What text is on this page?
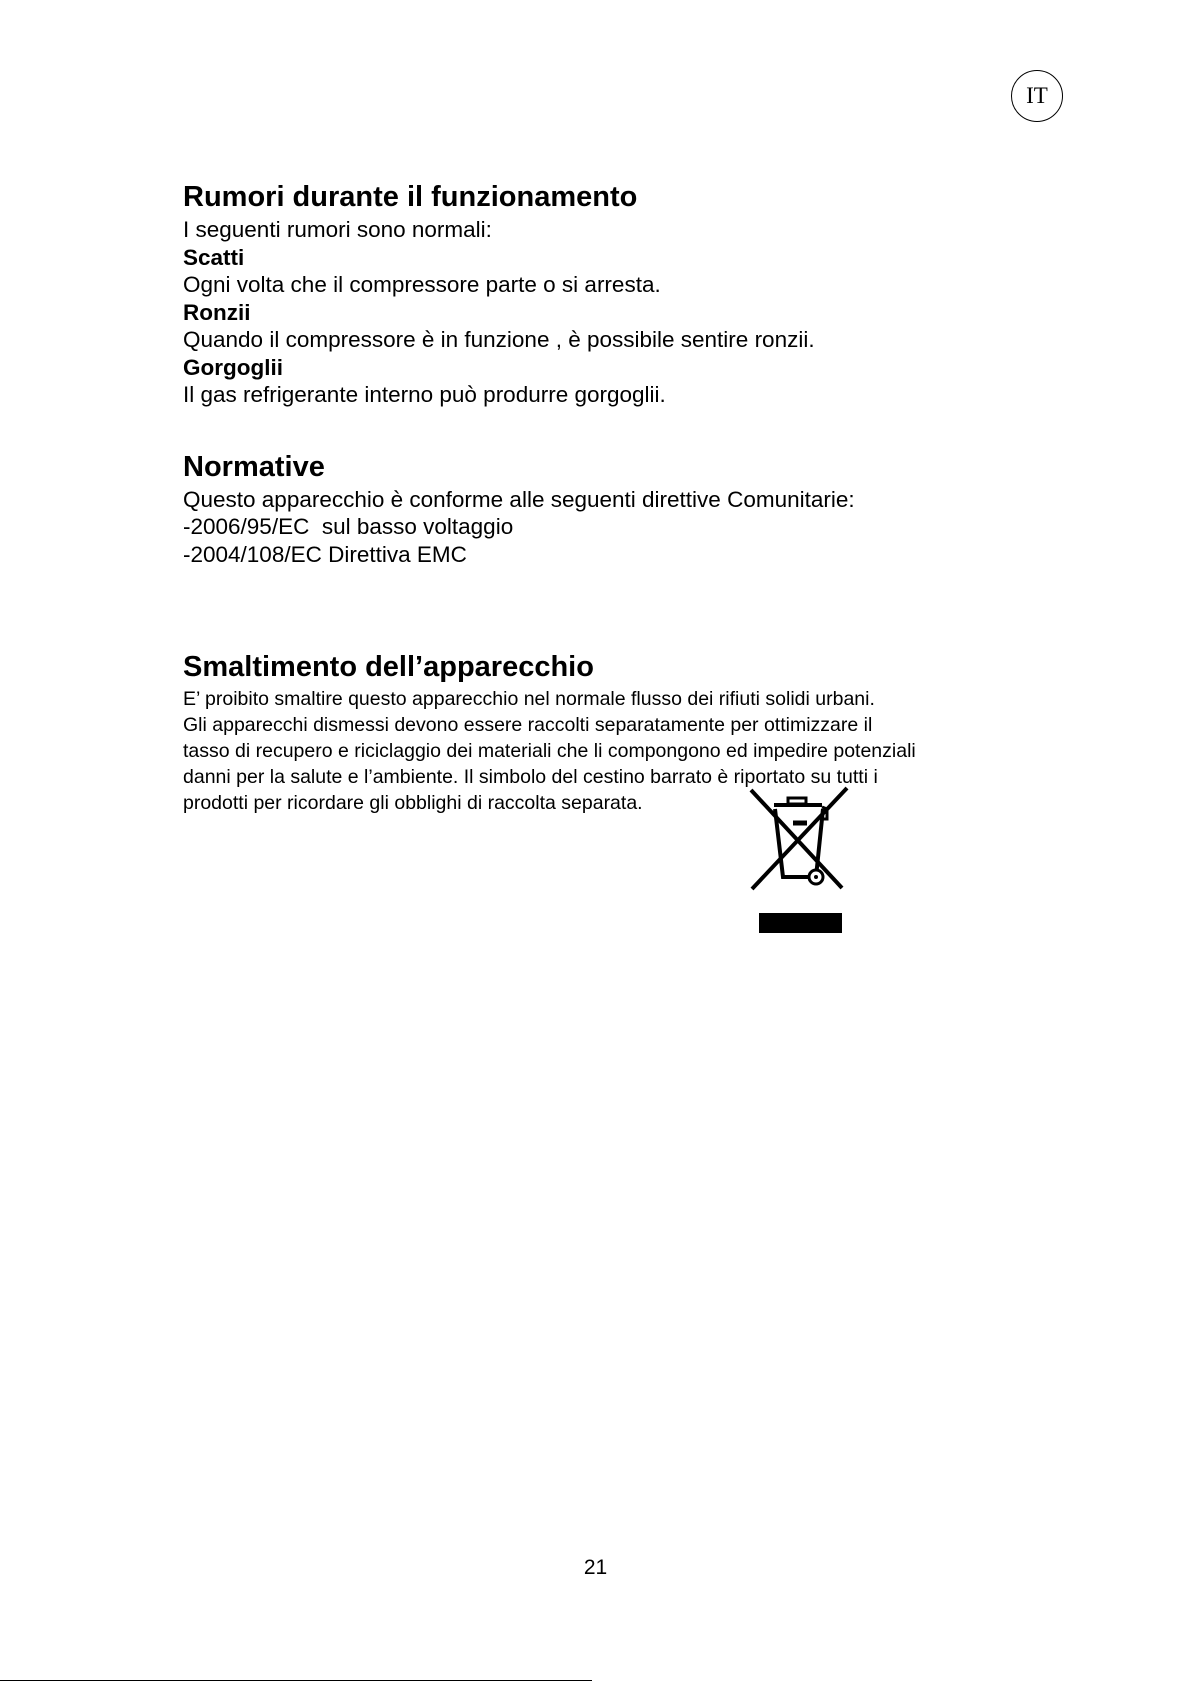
IT
Rumori durante il funzionamento
I seguenti rumori sono normali:
Scatti
Ogni volta che il compressore parte o si arresta.
Ronzii
Quando il compressore è in funzione , è possibile sentire ronzii.
Gorgoglii
Il gas refrigerante interno può produrre gorgoglii.
Normative
Questo apparecchio è conforme alle seguenti direttive Comunitarie:
-2006/95/EC  sul basso voltaggio
-2004/108/EC Direttiva EMC
Smaltimento dell’apparecchio
E’ proibito smaltire questo apparecchio nel normale flusso dei rifiuti solidi urbani.
Gli apparecchi dismessi devono essere raccolti separatamente per ottimizzare il
tasso di recupero e riciclaggio dei materiali che li compongono ed impedire potenziali
danni per la salute e l’ambiente. Il simbolo del cestino barrato è riportato su tutti i
prodotti per ricordare gli obblighi di raccolta separata.
21
